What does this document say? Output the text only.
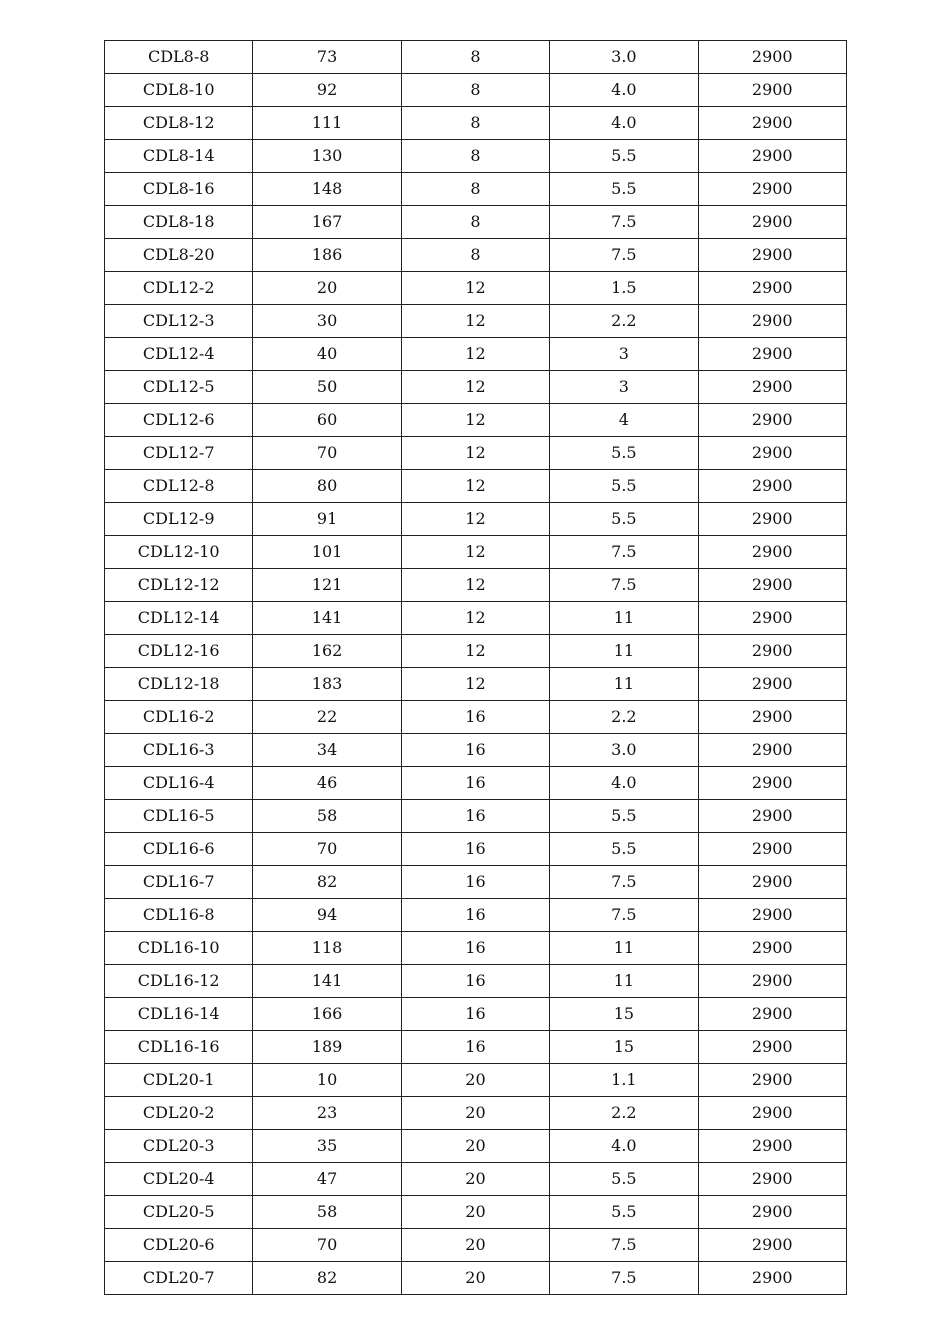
CDL8-8	73	8	3.0	2900
CDL8-10	92	8	4.0	2900
CDL8-12	111	8	4.0	2900
CDL8-14	130	8	5.5	2900
CDL8-16	148	8	5.5	2900
CDL8-18	167	8	7.5	2900
CDL8-20	186	8	7.5	2900
CDL12-2	20	12	1.5	2900
CDL12-3	30	12	2.2	2900
CDL12-4	40	12	3	2900
CDL12-5	50	12	3	2900
CDL12-6	60	12	4	2900
CDL12-7	70	12	5.5	2900
CDL12-8	80	12	5.5	2900
CDL12-9	91	12	5.5	2900
CDL12-10	101	12	7.5	2900
CDL12-12	121	12	7.5	2900
CDL12-14	141	12	11	2900
CDL12-16	162	12	11	2900
CDL12-18	183	12	11	2900
CDL16-2	22	16	2.2	2900
CDL16-3	34	16	3.0	2900
CDL16-4	46	16	4.0	2900
CDL16-5	58	16	5.5	2900
CDL16-6	70	16	5.5	2900
CDL16-7	82	16	7.5	2900
CDL16-8	94	16	7.5	2900
CDL16-10	118	16	11	2900
CDL16-12	141	16	11	2900
CDL16-14	166	16	15	2900
CDL16-16	189	16	15	2900
CDL20-1	10	20	1.1	2900
CDL20-2	23	20	2.2	2900
CDL20-3	35	20	4.0	2900
CDL20-4	47	20	5.5	2900
CDL20-5	58	20	5.5	2900
CDL20-6	70	20	7.5	2900
CDL20-7	82	20	7.5	2900
